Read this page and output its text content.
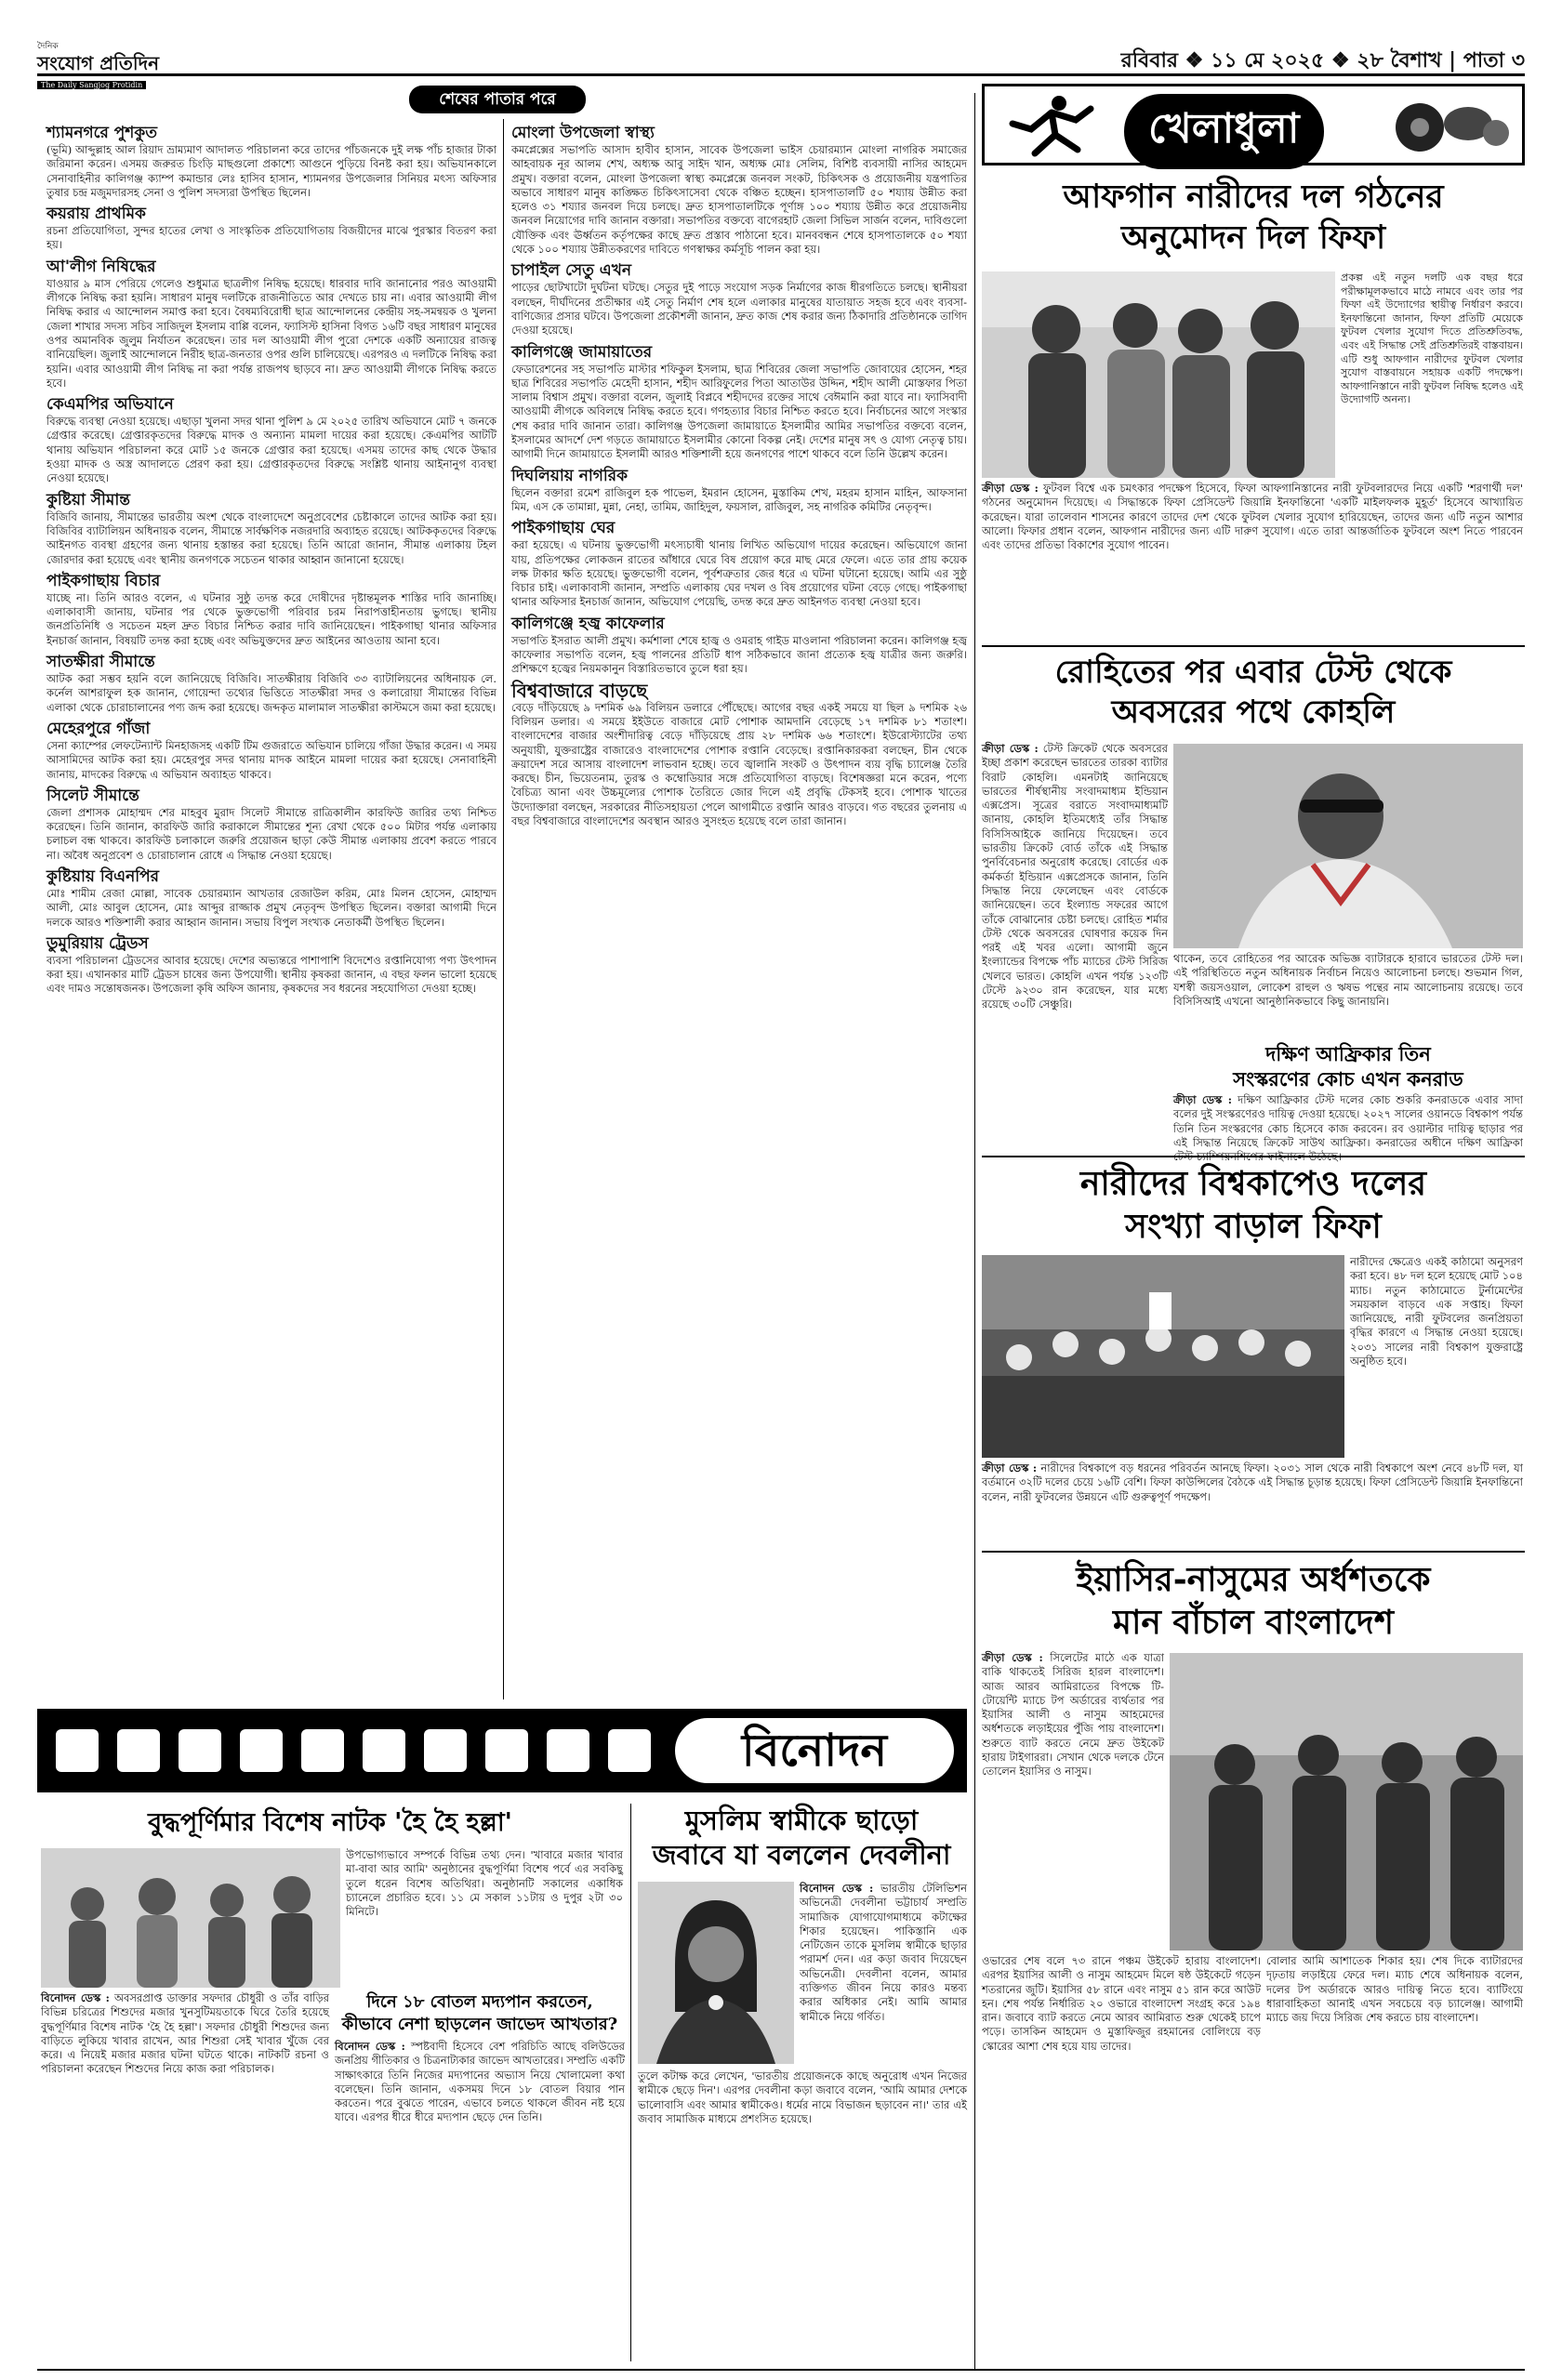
দৈনিক
সংযোগ প্রতিদিন
The Daily Sangjog Protidin
রবিবার ❖ ১১ মে ২০২৫ ❖ ২৮ বৈশাখ | পাতা ৩
শেষের পাতার পরে
শ্যামনগরে পুশকুত

(ভূমি) আব্দুল্লাহ আল রিয়াদ ভ্রাম্যমাণ আদালত পরিচালনা করে তাদের পাঁচজনকে দুই লক্ষ পাঁচ হাজার টাকা জরিমানা করেন। এসময় জরুরত চিংড়ি মাছগুলো প্রকাশ্যে আগুনে পুড়িয়ে বিনষ্ট করা হয়। অভিযানকালে সেনাবাহিনীর কালিগঞ্জ ক্যাম্প কমান্ডার লেঃ হাসিব হাসান, শ্যামনগর উপজেলার সিনিয়র মৎস্য অফিসার তুষার চন্দ্র মজুমদারসহ সেনা ও পুলিশ সদস্যরা উপস্থিত ছিলেন।

কয়রায় প্রাথমিক

রচনা প্রতিযোগিতা, সুন্দর হাতের লেখা ও সাংস্কৃতিক প্রতিযোগিতায় বিজয়ীদের মাঝে পুরস্কার বিতরণ করা হয়।

আ'লীগ নিষিদ্ধের

যাওয়ার ৯ মাস পেরিয়ে গেলেও শুধুমাত্র ছাত্রলীগ নিষিদ্ধ হয়েছে। ধারবার দাবি জানানোর পরও আওয়ামী লীগকে নিষিদ্ধ করা হয়নি। সাধারণ মানুষ দলটিকে রাজনীতিতে আর দেখতে চায় না। এবার আওয়ামী লীগ নিষিদ্ধ করার এ আন্দোলন সমাপ্ত করা হবে। বৈষম্যবিরোধী ছাত্র আন্দোলনের কেন্দ্রীয় সহ-সমন্বয়ক ও খুলনা জেলা শাখার সদস্য সচিব সাজিদুল ইসলাম বাপ্পি বলেন, ফ্যাসিস্ট হাসিনা বিগত ১৬টি বছর সাধারণ মানুষের ওপর অমানবিক জুলুম নির্যাতন করেছেন। তার দল আওয়ামী লীগ পুরো দেশকে একটি অন্যায়ের রাজত্ব বানিয়েছিল। জুলাই আন্দোলনে নিরীহ ছাত্র-জনতার ওপর গুলি চালিয়েছে। এরপরও এ দলটিকে নিষিদ্ধ করা হয়নি। এবার আওয়ামী লীগ নিষিদ্ধ না করা পর্যন্ত রাজপথ ছাড়বে না। দ্রুত আওয়ামী লীগকে নিষিদ্ধ করতে হবে।

কেএমপির অভিযানে

বিরুদ্ধে ব্যবস্থা নেওয়া হয়েছে। এছাড়া খুলনা সদর থানা পুলিশ ৯ মে ২০২৫ তারিখ অভিযানে মোট ৭ জনকে গ্রেপ্তার করেছে। গ্রেপ্তারকৃতদের বিরুদ্ধে মাদক ও অন্যান্য মামলা দায়ের করা হয়েছে। কেএমপির আটটি থানায় অভিযান পরিচালনা করে মোট ১৫ জনকে গ্রেপ্তার করা হয়েছে। এসময় তাদের কাছ থেকে উদ্ধার হওয়া মাদক ও অস্ত্র আদালতে প্রেরণ করা হয়। গ্রেপ্তারকৃতদের বিরুদ্ধে সংশ্লিষ্ট থানায় আইনানুগ ব্যবস্থা নেওয়া হয়েছে।

কুষ্টিয়া সীমান্ত

বিজিবি জানায়, সীমান্তের ভারতীয় অংশ থেকে বাংলাদেশে অনুপ্রবেশের চেষ্টাকালে তাদের আটক করা হয়। বিজিবির ব্যাটালিয়ন অধিনায়ক বলেন, সীমান্তে সার্বক্ষণিক নজরদারি অব্যাহত রয়েছে। আটককৃতদের বিরুদ্ধে আইনগত ব্যবস্থা গ্রহণের জন্য থানায় হস্তান্তর করা হয়েছে। তিনি আরো জানান, সীমান্ত এলাকায় টহল জোরদার করা হয়েছে এবং স্থানীয় জনগণকে সচেতন থাকার আহ্বান জানানো হয়েছে।

পাইকগাছায় বিচার

যাচ্ছে না। তিনি আরও বলেন, এ ঘটনার সুষ্ঠু তদন্ত করে দোষীদের দৃষ্টান্তমূলক শাস্তির দাবি জানাচ্ছি। এলাকাবাসী জানায়, ঘটনার পর থেকে ভুক্তভোগী পরিবার চরম নিরাপত্তাহীনতায় ভুগছে। স্থানীয় জনপ্রতিনিধি ও সচেতন মহল দ্রুত বিচার নিশ্চিত করার দাবি জানিয়েছেন। পাইকগাছা থানার অফিসার ইনচার্জ জানান, বিষয়টি তদন্ত করা হচ্ছে এবং অভিযুক্তদের দ্রুত আইনের আওতায় আনা হবে।

সাতক্ষীরা সীমান্তে

আটক করা সম্ভব হয়নি বলে জানিয়েছে বিজিবি। সাতক্ষীরায় বিজিবি ৩৩ ব্যাটালিয়নের অধিনায়ক লে. কর্নেল আশরাফুল হক জানান, গোয়েন্দা তথ্যের ভিত্তিতে সাতক্ষীরা সদর ও কলারোয়া সীমান্তের বিভিন্ন এলাকা থেকে চোরাচালানের পণ্য জব্দ করা হয়েছে। জব্দকৃত মালামাল সাতক্ষীরা কাস্টমসে জমা করা হয়েছে।

মেহেরপুরে গাঁজা

সেনা ক্যাম্পের লেফটেন্যান্ট মিনহাজসহ একটি টিম গুজরাতে অভিযান চালিয়ে গাঁজা উদ্ধার করেন। এ সময় আসামিদের আটক করা হয়। মেহেরপুর সদর থানায় মাদক আইনে মামলা দায়ের করা হয়েছে। সেনাবাহিনী জানায়, মাদকের বিরুদ্ধে এ অভিযান অব্যাহত থাকবে।

সিলেট সীমান্তে

জেলা প্রশাসক মোহাম্মদ শের মাহবুব মুরাদ সিলেট সীমান্তে রাত্রিকালীন কারফিউ জারির তথ্য নিশ্চিত করেছেন। তিনি জানান, কারফিউ জারি করাকালে সীমান্তের শূন্য রেখা থেকে ৫০০ মিটার পর্যন্ত এলাকায় চলাচল বন্ধ থাকবে। কারফিউ চলাকালে জরুরি প্রয়োজন ছাড়া কেউ সীমান্ত এলাকায় প্রবেশ করতে পারবে না। অবৈধ অনুপ্রবেশ ও চোরাচালান রোধে এ সিদ্ধান্ত নেওয়া হয়েছে।

কুষ্টিয়ায় বিএনপির

মোঃ শামীম রেজা মোল্লা, সাবেক চেয়ারম্যান আখতার রেজাউল করিম, মোঃ মিলন হোসেন, মোহাম্মদ আলী, মোঃ আবুল হোসেন, মোঃ আব্দুর রাজ্জাক প্রমুখ নেতৃবৃন্দ উপস্থিত ছিলেন। বক্তারা আগামী দিনে দলকে আরও শক্তিশালী করার আহ্বান জানান। সভায় বিপুল সংখ্যক নেতাকর্মী উপস্থিত ছিলেন।

ডুমুরিয়ায় ট্রেডস

ব্যবসা পরিচালনা ট্রেডসের আবার হয়েছে। দেশের অভ্যন্তরে পাশাপাশি বিদেশেও রপ্তানিযোগ্য পণ্য উৎপাদন করা হয়। এখানকার মাটি ট্রেডস চাষের জন্য উপযোগী। স্থানীয় কৃষকরা জানান, এ বছর ফলন ভালো হয়েছে এবং দামও সন্তোষজনক। উপজেলা কৃষি অফিস জানায়, কৃষকদের সব ধরনের সহযোগিতা দেওয়া হচ্ছে।

মোংলা উপজেলা স্বাস্থ্য

কমপ্লেক্সের সভাপতি আসাদ হাবীব হাসান, সাবেক উপজেলা ভাইস চেয়ারম্যান মোংলা নাগরিক সমাজের আহবায়ক নূর আলম শেখ, অধ্যক্ষ আবু সাইদ খান, অধ্যক্ষ মোঃ সেলিম, বিশিষ্ট ব্যবসায়ী নাসির আহমেদ প্রমুখ। বক্তারা বলেন, মোংলা উপজেলা স্বাস্থ্য কমপ্লেক্সে জনবল সংকট, চিকিৎসক ও প্রয়োজনীয় যন্ত্রপাতির অভাবে সাধারণ মানুষ কাঙ্ক্ষিত চিকিৎসাসেবা থেকে বঞ্চিত হচ্ছেন। হাসপাতালটি ৫০ শয্যায় উন্নীত করা হলেও ৩১ শয্যার জনবল দিয়ে চলছে। দ্রুত হাসপাতালটিকে পূর্ণাঙ্গ ১০০ শয্যায় উন্নীত করে প্রয়োজনীয় জনবল নিয়োগের দাবি জানান বক্তারা। সভাপতির বক্তব্যে বাগেরহাট জেলা সিভিল সার্জন বলেন, দাবিগুলো যৌক্তিক এবং ঊর্ধ্বতন কর্তৃপক্ষের কাছে দ্রুত প্রস্তাব পাঠানো হবে। মানববন্ধন শেষে হাসপাতালকে ৫০ শয্যা থেকে ১০০ শয্যায় উন্নীতকরণের দাবিতে গণস্বাক্ষর কর্মসূচি পালন করা হয়।

চাপাইল সেতু এখন

পাড়ের ছোটখাটো দুর্ঘটনা ঘটছে। সেতুর দুই পাড়ে সংযোগ সড়ক নির্মাণের কাজ ধীরগতিতে চলছে। স্থানীয়রা বলছেন, দীর্ঘদিনের প্রতীক্ষার এই সেতু নির্মাণ শেষ হলে এলাকার মানুষের যাতায়াত সহজ হবে এবং ব্যবসা-বাণিজ্যের প্রসার ঘটবে। উপজেলা প্রকৌশলী জানান, দ্রুত কাজ শেষ করার জন্য ঠিকাদারি প্রতিষ্ঠানকে তাগিদ দেওয়া হয়েছে।

কালিগঞ্জে জামায়াতের

ফেডারেশনের সহ সভাপতি মাস্টার শফিকুল ইসলাম, ছাত্র শিবিরের জেলা সভাপতি জোবায়ের হোসেন, শহর ছাত্র শিবিরের সভাপতি মেহেদী হাসান, শহীদ আরিফুলের পিতা আতাউর উদ্দিন, শহীদ আলী মোস্তফার পিতা সালাম বিশ্বাস প্রমুখ। বক্তারা বলেন, জুলাই বিপ্লবে শহীদদের রক্তের সাথে বেঈমানি করা যাবে না। ফ্যাসিবাদী আওয়ামী লীগকে অবিলম্বে নিষিদ্ধ করতে হবে। গণহত্যার বিচার নিশ্চিত করতে হবে। নির্বাচনের আগে সংস্কার শেষ করার দাবি জানান তারা। কালিগঞ্জ উপজেলা জামায়াতে ইসলামীর আমির সভাপতির বক্তব্যে বলেন, ইসলামের আদর্শে দেশ গড়তে জামায়াতে ইসলামীর কোনো বিকল্প নেই। দেশের মানুষ সৎ ও যোগ্য নেতৃত্ব চায়। আগামী দিনে জামায়াতে ইসলামী আরও শক্তিশালী হয়ে জনগণের পাশে থাকবে বলে তিনি উল্লেখ করেন।

দিঘলিয়ায় নাগরিক

ছিলেন বক্তারা রমেশ রাজিবুল হক পাভেল, ইমরান হোসেন, মুস্তাকিম শেখ, মহরম হাসান মাহিন, আফসানা মিম, এস কে তামান্না, মুন্না, নেহা, তামিম, জাহিদুল, ফয়সাল, রাজিবুল, সহ নাগরিক কমিটির নেতৃবৃন্দ।

পাইকগাছায় ঘের

করা হয়েছে। এ ঘটনায় ভুক্তভোগী মৎস্যচাষী থানায় লিখিত অভিযোগ দায়ের করেছেন। অভিযোগে জানা যায়, প্রতিপক্ষের লোকজন রাতের আঁধারে ঘেরে বিষ প্রয়োগ করে মাছ মেরে ফেলে। এতে তার প্রায় কয়েক লক্ষ টাকার ক্ষতি হয়েছে। ভুক্তভোগী বলেন, পূর্বশত্রুতার জের ধরে এ ঘটনা ঘটানো হয়েছে। আমি এর সুষ্ঠু বিচার চাই। এলাকাবাসী জানান, সম্প্রতি এলাকায় ঘের দখল ও বিষ প্রয়োগের ঘটনা বেড়ে গেছে। পাইকগাছা থানার অফিসার ইনচার্জ জানান, অভিযোগ পেয়েছি, তদন্ত করে দ্রুত আইনগত ব্যবস্থা নেওয়া হবে।

কালিগঞ্জে হজ্ব কাফেলার

সভাপতি ইসরাত আলী প্রমুখ। কর্মশালা শেষে হাজ্ব ও ওমরাহ গাইড মাওলানা পরিচালনা করেন। কালিগঞ্জ হজ্ব কাফেলার সভাপতি বলেন, হজ্ব পালনের প্রতিটি ধাপ সঠিকভাবে জানা প্রত্যেক হজ্ব যাত্রীর জন্য জরুরি। প্রশিক্ষণে হজ্বের নিয়মকানুন বিস্তারিতভাবে তুলে ধরা হয়।

বিশ্ববাজারে বাড়ছে

বেড়ে দাঁড়িয়েছে ৯ দশমিক ৬৯ বিলিয়ন ডলারে পৌঁছেছে। আগের বছর একই সময়ে যা ছিল ৯ দশমিক ২৬ বিলিয়ন ডলার। এ সময়ে ইইউতে বাজারে মোট পোশাক আমদানি বেড়েছে ১৭ দশমিক ৮১ শতাংশ। বাংলাদেশের বাজার অংশীদারিত্ব বেড়ে দাঁড়িয়েছে প্রায় ২৮ দশমিক ৬৬ শতাংশে। ইউরোস্ট্যাটের তথ্য অনুযায়ী, যুক্তরাষ্ট্রের বাজারেও বাংলাদেশের পোশাক রপ্তানি বেড়েছে। রপ্তানিকারকরা বলছেন, চীন থেকে ক্রয়াদেশ সরে আসায় বাংলাদেশ লাভবান হচ্ছে। তবে জ্বালানি সংকট ও উৎপাদন ব্যয় বৃদ্ধি চ্যালেঞ্জ তৈরি করছে। চীন, ভিয়েতনাম, তুরস্ক ও কম্বোডিয়ার সঙ্গে প্রতিযোগিতা বাড়ছে। বিশেষজ্ঞরা মনে করেন, পণ্যে বৈচিত্র্য আনা এবং উচ্চমূল্যের পোশাক তৈরিতে জোর দিলে এই প্রবৃদ্ধি টেকসই হবে। পোশাক খাতের উদ্যোক্তারা বলছেন, সরকারের নীতিসহায়তা পেলে আগামীতে রপ্তানি আরও বাড়বে। গত বছরের তুলনায় এ বছর বিশ্ববাজারে বাংলাদেশের অবস্থান আরও সুসংহত হয়েছে বলে তারা জানান।

খেলাধুলা
আফগান নারীদের দল গঠনের
অনুমোদন দিল ফিফা
প্রকল্প এই নতুন দলটি এক বছর ধরে পরীক্ষামূলকভাবে মাঠে নামবে এবং তার পর ফিফা এই উদ্যোগের স্থায়ীত্ব নির্ধারণ করবে। ইনফান্তিনো জানান, ফিফা প্রতিটি মেয়েকে ফুটবল খেলার সুযোগ দিতে প্রতিশ্রুতিবদ্ধ, এবং এই সিদ্ধান্ত সেই প্রতিশ্রুতিরই বাস্তবায়ন। এটি শুধু আফগান নারীদের ফুটবল খেলার সুযোগ বাস্তবায়নে সহায়ক একটি পদক্ষেপ। আফগানিস্তানে নারী ফুটবল নিষিদ্ধ হলেও এই উদ্যোগটি অনন্য।
ক্রীড়া ডেস্ক : ফুটবল বিশ্বে এক চমৎকার পদক্ষেপ হিসেবে, ফিফা আফগানিস্তানের নারী ফুটবলারদের নিয়ে একটি 'শরণার্থী দল' গঠনের অনুমোদন দিয়েছে। এ সিদ্ধান্তকে ফিফা প্রেসিডেন্ট জিয়ান্নি ইনফান্তিনো 'একটি মাইলফলক মুহূর্ত' হিসেবে আখ্যায়িত করেছেন। যারা তালেবান শাসনের কারণে তাদের দেশ থেকে ফুটবল খেলার সুযোগ হারিয়েছেন, তাদের জন্য এটি নতুন আশার আলো। ফিফার প্রধান বলেন, আফগান নারীদের জন্য এটি দারুণ সুযোগ। এতে তারা আন্তর্জাতিক ফুটবলে অংশ নিতে পারবেন এবং তাদের প্রতিভা বিকাশের সুযোগ পাবেন।
রোহিতের পর এবার টেস্ট থেকে
অবসরের পথে কোহলি
ক্রীড়া ডেস্ক : টেস্ট ক্রিকেট থেকে অবসরের ইচ্ছা প্রকাশ করেছেন ভারতের তারকা ব্যাটার বিরাট কোহলি। এমনটাই জানিয়েছে ভারতের শীর্ষস্থানীয় সংবাদমাধ্যম ইন্ডিয়ান এক্সপ্রেস। সূত্রের বরাতে সংবাদমাধ্যমটি জানায়, কোহলি ইতিমধ্যেই তাঁর সিদ্ধান্ত বিসিসিআইকে জানিয়ে দিয়েছেন। তবে ভারতীয় ক্রিকেট বোর্ড তাঁকে এই সিদ্ধান্ত পুনর্বিবেচনার অনুরোধ করেছে। বোর্ডের এক কর্মকর্তা ইন্ডিয়ান এক্সপ্রেসকে জানান, তিনি সিদ্ধান্ত নিয়ে ফেলেছেন এবং বোর্ডকে জানিয়েছেন। তবে ইংল্যান্ড সফরের আগে তাঁকে বোঝানোর চেষ্টা চলছে। রোহিত শর্মার টেস্ট থেকে অবসরের ঘোষণার কয়েক দিন পরই এই খবর এলো। আগামী জুনে ইংল্যান্ডের বিপক্ষে পাঁচ ম্যাচের টেস্ট সিরিজ খেলবে ভারত। কোহলি এখন পর্যন্ত ১২৩টি টেস্টে ৯২৩০ রান করেছেন, যার মধ্যে রয়েছে ৩০টি সেঞ্চুরি।
থাকেন, তবে রোহিতের পর আরেক অভিজ্ঞ ব্যাটারকে হারাবে ভারতের টেস্ট দল। এই পরিস্থিতিতে নতুন অধিনায়ক নির্বাচন নিয়েও আলোচনা চলছে। শুভমান গিল, যশস্বী জয়সওয়াল, লোকেশ রাহুল ও ঋষভ পন্থের নাম আলোচনায় রয়েছে। তবে বিসিসিআই এখনো আনুষ্ঠানিকভাবে কিছু জানায়নি।
দক্ষিণ আফ্রিকার তিন
সংস্করণের কোচ এখন কনরাড
ক্রীড়া ডেস্ক : দক্ষিণ আফ্রিকার টেস্ট দলের কোচ শুকরি কনরাডকে এবার সাদা বলের দুই সংস্করণেরও দায়িত্ব দেওয়া হয়েছে। ২০২৭ সালের ওয়ানডে বিশ্বকাপ পর্যন্ত তিনি তিন সংস্করণের কোচ হিসেবে কাজ করবেন। রব ওয়াল্টার দায়িত্ব ছাড়ার পর এই সিদ্ধান্ত নিয়েছে ক্রিকেট সাউথ আফ্রিকা। কনরাডের অধীনে দক্ষিণ আফ্রিকা
নারীদের বিশ্বকাপেও দলের
সংখ্যা বাড়াল ফিফা
নারীদের ক্ষেত্রেও একই কাঠামো অনুসরণ করা হবে। ৪৮ দল হলে হয়েছে মোট ১০৪ ম্যাচ। নতুন কাঠামোতে টুর্নামেন্টের সময়কাল বাড়বে এক সপ্তাহ। ফিফা জানিয়েছে, নারী ফুটবলের জনপ্রিয়তা বৃদ্ধির কারণে এ সিদ্ধান্ত নেওয়া হয়েছে। ২০৩১ সালের নারী বিশ্বকাপ যুক্তরাষ্ট্রে অনুষ্ঠিত হবে।
ক্রীড়া ডেস্ক : নারীদের বিশ্বকাপে বড় ধরনের পরিবর্তন আনছে ফিফা। ২০৩১ সাল থেকে নারী বিশ্বকাপে অংশ নেবে ৪৮টি দল, যা বর্তমানে ৩২টি দলের চেয়ে ১৬টি বেশি। ফিফা কাউন্সিলের বৈঠকে এই সিদ্ধান্ত চূড়ান্ত হয়েছে। ফিফা প্রেসিডেন্ট জিয়ান্নি ইনফান্তিনো বলেন, নারী ফুটবলের উন্নয়নে এটি গুরুত্বপূর্ণ পদক্ষেপ।
ইয়াসির-নাসুমের অর্ধশতকে
মান বাঁচাল বাংলাদেশ
ক্রীড়া ডেস্ক : সিলেটের মাঠে এক যাত্রা বাকি থাকতেই সিরিজ হারল বাংলাদেশ। আজ আরব আমিরাতের বিপক্ষে টি-টোয়েন্টি ম্যাচে টপ অর্ডারের ব্যর্থতার পর ইয়াসির আলী ও নাসুম আহমেদের অর্ধশতকে লড়াইয়ের পুঁজি পায় বাংলাদেশ। শুরুতে ব্যাট করতে নেমে দ্রুত উইকেট হারায় টাইগাররা। সেখান থেকে দলকে টেনে তোলেন ইয়াসির ও নাসুম।
ওভারের শেষ বলে ৭৩ রানে পঞ্চম উইকেট হারায় বাংলাদেশ। এরপর ইয়াসির আলী ও নাসুম আহমেদ মিলে ষষ্ঠ উইকেটে গড়েন শতরানের জুটি। ইয়াসির ৫৮ রানে এবং নাসুম ৫১ রান করে আউট হন। শেষ পর্যন্ত নির্ধারিত ২০ ওভারে বাংলাদেশ সংগ্রহ করে ১৯৪ রান। জবাবে ব্যাট করতে নেমে আরব আমিরাত শুরু থেকেই চাপে পড়ে। তাসকিন আহমেদ ও মুস্তাফিজুর রহমানের বোলিংয়ে বড় স্কোরের আশা শেষ হয়ে যায় তাদের।
বোলার আমি আশাতেক শিকার হয়। শেষ দিকে ব্যাটারদের দৃঢ়তায় লড়াইয়ে ফেরে দল। ম্যাচ শেষে অধিনায়ক বলেন, দলের টপ অর্ডারকে আরও দায়িত্ব নিতে হবে। ব্যাটিংয়ে ধারাবাহিকতা আনাই এখন সবচেয়ে বড় চ্যালেঞ্জ। আগামী ম্যাচে জয় দিয়ে সিরিজ শেষ করতে চায় বাংলাদেশ।
বিনোদন
বুদ্ধপূর্ণিমার বিশেষ নাটক 'হৈ হৈ হল্লা'
উপভোগ্যভাবে সম্পর্কে বিভিন্ন তথ্য দেন। 'খাবারে মজার খাবার মা-বাবা আর আমি' অনুষ্ঠানের বুদ্ধপূর্ণিমা বিশেষ পর্বে এর সবকিছু তুলে ধরেন বিশেষ অতিথিরা। অনুষ্ঠানটি সকালের একাধিক চ্যানেলে প্রচারিত হবে। ১১ মে সকাল ১১টায় ও দুপুর ২টা ৩০ মিনিটে।
বিনোদন ডেস্ক : অবসরপ্রাপ্ত ডাক্তার সফদার চৌধুরী ও তাঁর বাড়ির বিভিন্ন চরিত্রের শিশুদের মজার খুনসুটিময়তাকে ঘিরে তৈরি হয়েছে বুদ্ধপূর্ণিমার বিশেষ নাটক 'হৈ হৈ হল্লা'। সফদার চৌধুরী শিশুদের জন্য বাড়িতে লুকিয়ে খাবার রাখেন, আর শিশুরা সেই খাবার খুঁজে বের করে। এ নিয়েই মজার মজার ঘটনা ঘটতে থাকে। নাটকটি রচনা ও পরিচালনা করেছেন শিশুদের নিয়ে কাজ করা পরিচালক।
দিনে ১৮ বোতল মদ্যপান করতেন,
কীভাবে নেশা ছাড়লেন জাভেদ আখতার?
বিনোদন ডেস্ক : স্পষ্টবাদী হিসেবে বেশ পরিচিতি আছে বলিউডের জনপ্রিয় গীতিকার ও চিত্রনাট্যকার জাভেদ আখতারের। সম্প্রতি একটি সাক্ষাৎকারে তিনি নিজের মদ্যপানের অভ্যাস নিয়ে খোলামেলা কথা বলেছেন। তিনি জানান, একসময় দিনে ১৮ বোতল বিয়ার পান করতেন। পরে বুঝতে পারেন, এভাবে চলতে থাকলে জীবন নষ্ট হয়ে যাবে। এরপর ধীরে ধীরে মদ্যপান ছেড়ে দেন তিনি।
মুসলিম স্বামীকে ছাড়ো
জবাবে যা বললেন দেবলীনা
বিনোদন ডেস্ক : ভারতীয় টেলিভিশন অভিনেত্রী দেবলীনা ভট্টাচার্য সম্প্রতি সামাজিক যোগাযোগমাধ্যমে কটাক্ষের শিকার হয়েছেন। পাকিস্তানি এক নেটিজেন তাকে মুসলিম স্বামীকে ছাড়ার পরামর্শ দেন। এর কড়া জবাব দিয়েছেন অভিনেত্রী। দেবলীনা বলেন, আমার ব্যক্তিগত জীবন নিয়ে কারও মন্তব্য করার অধিকার নেই। আমি আমার স্বামীকে নিয়ে গর্বিত।
তুলে কটাক্ষ করে লেখেন, 'ভারতীয় প্রয়োজনকে কাছে অনুরোধ এখন নিজের স্বামীকে ছেড়ে দিন'। এরপর দেবলীনা কড়া জবাবে বলেন, 'আমি আমার দেশকে ভালোবাসি এবং আমার স্বামীকেও। ধর্মের নামে বিভাজন ছড়াবেন না।' তার এই জবাব সামাজিক মাধ্যমে প্রশংসিত হয়েছে।
